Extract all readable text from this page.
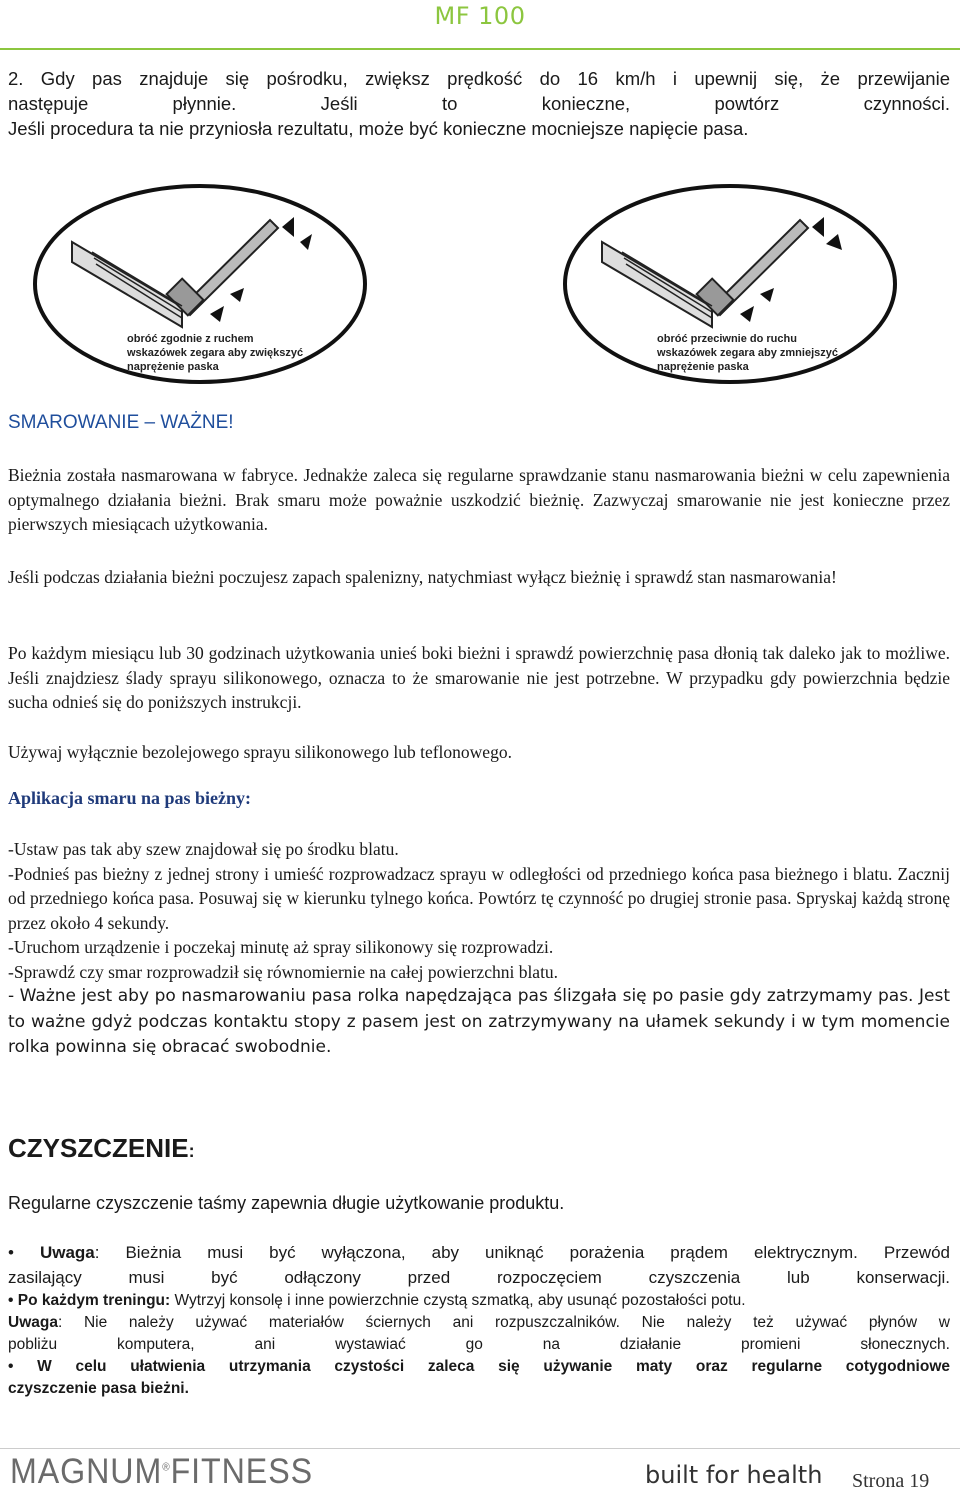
MF 100
2. Gdy pas znajduje się pośrodku, zwiększ prędkość do 16 km/h i upewnij się, że przewijanie
następuje płynnie. Jeśli to konieczne, powtórz czynności.
Jeśli procedura ta nie przyniosła rezultatu, może być konieczne mocniejsze napięcie pasa.
obróć zgodnie z ruchem
wskazówek zegara aby zwiększyć
naprężenie paska
obróć przeciwnie do ruchu
wskazówek zegara aby zmniejszyć
naprężenie paska
SMAROWANIE – WAŻNE!

Bieżnia została nasmarowana w fabryce. Jednakże zaleca się regularne sprawdzanie stanu nasmarowania bieżni w celu zapewnienia optymalnego działania bieżni. Brak smaru może poważnie uszkodzić bieżnię. Zazwyczaj smarowanie nie jest konieczne przez pierwszych miesiącach użytkowania.

Jeśli podczas działania bieżni poczujesz zapach spalenizny, natychmiast wyłącz bieżnię i sprawdź stan nasmarowania!

Po każdym miesiącu lub 30 godzinach użytkowania unieś boki bieżni i sprawdź powierzchnię pasa dłonią tak daleko jak to możliwe. Jeśli znajdziesz ślady sprayu silikonowego, oznacza to że smarowanie nie jest potrzebne. W przypadku gdy powierzchnia będzie sucha odnieś się do poniższych instrukcji.

Używaj wyłącznie bezolejowego sprayu silikonowego lub teflonowego.

Aplikacja smaru na pas bieżny:
-Ustaw pas tak aby szew znajdował się po środku blatu.
-Podnieś pas bieżny z jednej strony i umieść rozprowadzacz sprayu w odległości od przedniego końca pasa bieżnego i blatu. Zacznij od przedniego końca pasa. Posuwaj się w kierunku tylnego końca. Powtórz tę czynność po drugiej stronie pasa. Spryskaj każdą stronę przez około 4 sekundy.
-Uruchom urządzenie i poczekaj minutę aż spray silikonowy się rozprowadzi.
-Sprawdź czy smar rozprowadził się równomiernie na całej powierzchni blatu.
- Ważne jest aby po nasmarowaniu pasa rolka napędzająca pas ślizgała się po pasie gdy zatrzymamy pas. Jest to ważne gdyż podczas kontaktu stopy z pasem jest on zatrzymywany na ułamek sekundy i w tym momencie rolka powinna się obracać swobodnie.
CZYSZCZENIE:
Regularne czyszczenie taśmy zapewnia długie użytkowanie produktu.
• Uwaga: Bieżnia musi być wyłączona, aby uniknąć porażenia prądem elektrycznym. Przewód
zasilający musi być odłączony przed rozpoczęciem czyszczenia lub konserwacji.
• Po każdym treningu: Wytrzyj konsolę i inne powierzchnie czystą szmatką, aby usunąć pozostałości potu.
Uwaga: Nie należy używać materiałów ściernych ani rozpuszczalników. Nie należy też używać płynów w
pobliżu komputera, ani wystawiać go na działanie promieni słonecznych.
• W celu ułatwienia utrzymania czystości zaleca się używanie maty oraz regularne cotygodniowe
czyszczenie pasa bieżni.
MAGNUM®FITNESS	built for health Strona 19
